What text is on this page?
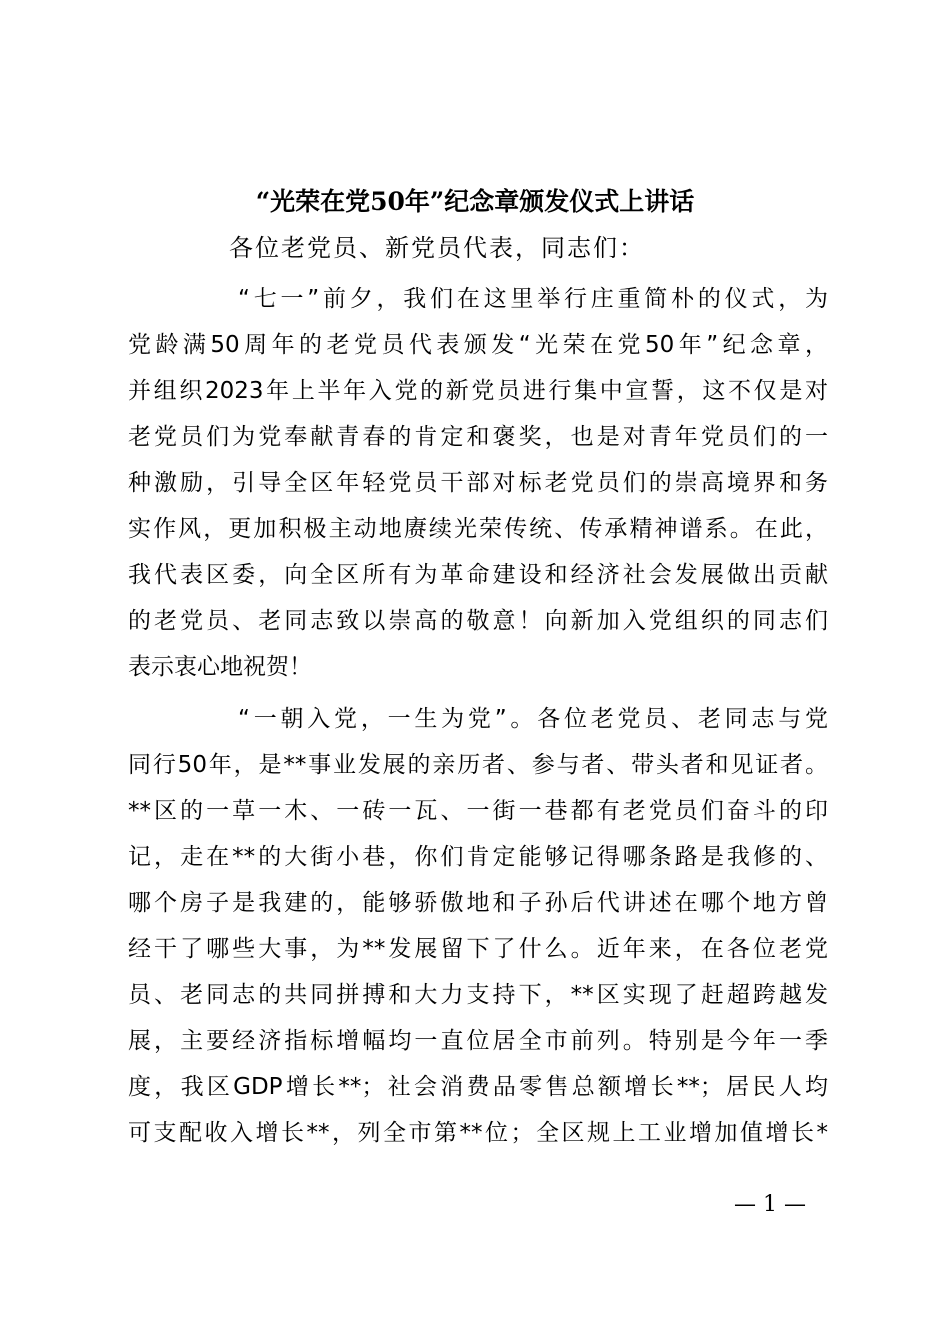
“光荣在党50年”纪念章颁发仪式上讲话
各位老党员、新党员代表，同志们：
“七一”前夕，我们在这里举行庄重简朴的仪式，为
党龄满50周年的老党员代表颁发“光荣在党50年”纪念章，
并组织2023年上半年入党的新党员进行集中宣誓，这不仅是对
老党员们为党奉献青春的肯定和褒奖，也是对青年党员们的一
种激励，引导全区年轻党员干部对标老党员们的崇高境界和务
实作风，更加积极主动地赓续光荣传统、传承精神谱系。在此，
我代表区委，向全区所有为革命建设和经济社会发展做出贡献
的老党员、老同志致以崇高的敬意！向新加入党组织的同志们
表示衷心地祝贺！
“一朝入党，一生为党”。各位老党员、老同志与党
同行50年，是**事业发展的亲历者、参与者、带头者和见证者。
**区的一草一木、一砖一瓦、一街一巷都有老党员们奋斗的印
记，走在**的大街小巷，你们肯定能够记得哪条路是我修的、
哪个房子是我建的，能够骄傲地和子孙后代讲述在哪个地方曾
经干了哪些大事，为**发展留下了什么。近年来，在各位老党
员、老同志的共同拼搏和大力支持下，**区实现了赶超跨越发
展，主要经济指标增幅均一直位居全市前列。特别是今年一季
度，我区GDP增长**；社会消费品零售总额增长**；居民人均
可支配收入增长**，列全市第**位；全区规上工业增加值增长*
— 1 —
